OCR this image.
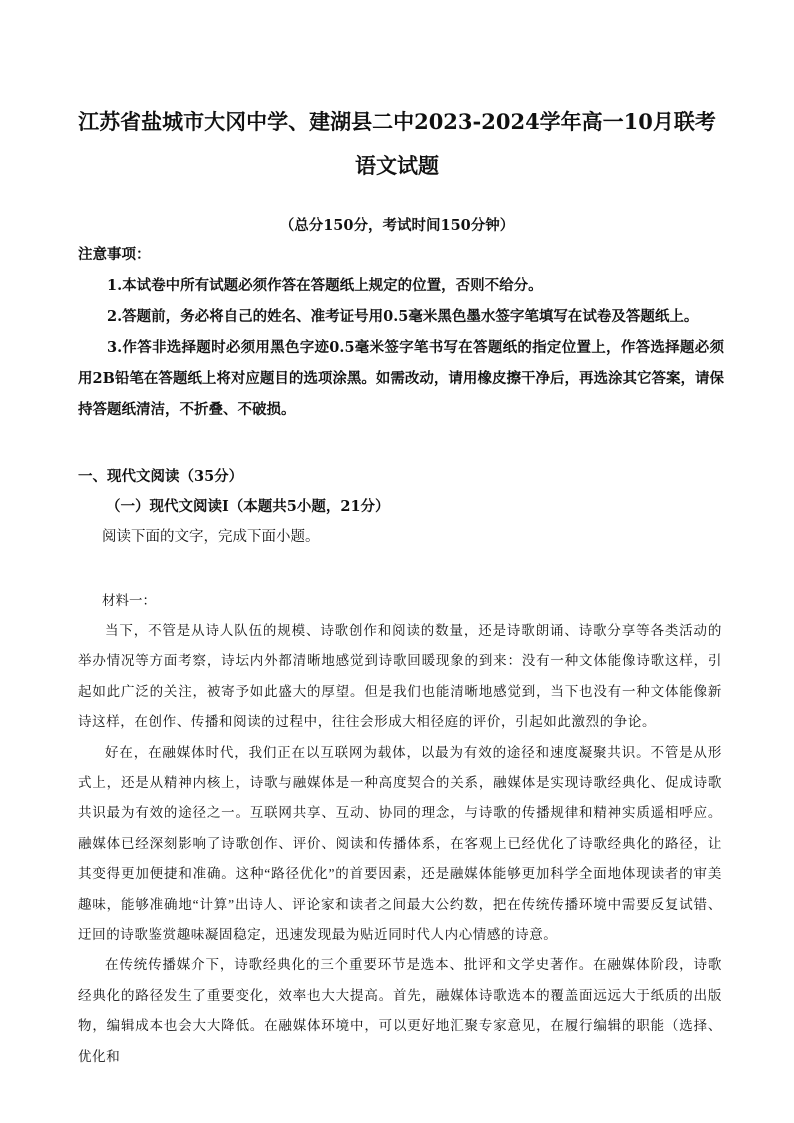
江苏省盐城市大冈中学、建湖县二中2023-2024学年高一10月联考
语文试题
（总分150分，考试时间150分钟）
注意事项：

1.本试卷中所有试题必须作答在答题纸上规定的位置，否则不给分。

2.答题前，务必将自己的姓名、准考证号用0.5毫米黑色墨水签字笔填写在试卷及答题纸上。

3.作答非选择题时必须用黑色字迹0.5毫米签字笔书写在答题纸的指定位置上，作答选择题必须用2B铅笔在答题纸上将对应题目的选项涂黑。如需改动，请用橡皮擦干净后，再选涂其它答案，请保持答题纸清洁，不折叠、不破损。

一、现代文阅读（35分）
（一）现代文阅读Ⅰ（本题共5小题，21分）
阅读下面的文字，完成下面小题。
材料一：

当下，不管是从诗人队伍的规模、诗歌创作和阅读的数量，还是诗歌朗诵、诗歌分享等各类活动的举办情况等方面考察，诗坛内外都清晰地感觉到诗歌回暖现象的到来：没有一种文体能像诗歌这样，引起如此广泛的关注，被寄予如此盛大的厚望。但是我们也能清晰地感觉到，当下也没有一种文体能像新诗这样，在创作、传播和阅读的过程中，往往会形成大相径庭的评价，引起如此激烈的争论。

好在，在融媒体时代，我们正在以互联网为载体，以最为有效的途径和速度凝聚共识。不管是从形式上，还是从精神内核上，诗歌与融媒体是一种高度契合的关系，融媒体是实现诗歌经典化、促成诗歌共识最为有效的途径之一。互联网共享、互动、协同的理念，与诗歌的传播规律和精神实质遥相呼应。融媒体已经深刻影响了诗歌创作、评价、阅读和传播体系，在客观上已经优化了诗歌经典化的路径，让其变得更加便捷和准确。这种“路径优化”的首要因素，还是融媒体能够更加科学全面地体现读者的审美趣味，能够准确地“计算”出诗人、评论家和读者之间最大公约数，把在传统传播环境中需要反复试错、迂回的诗歌鉴赏趣味凝固稳定，迅速发现最为贴近同时代人内心情感的诗意。

在传统传播媒介下，诗歌经典化的三个重要环节是选本、批评和文学史著作。在融媒体阶段，诗歌经典化的路径发生了重要变化，效率也大大提高。首先，融媒体诗歌选本的覆盖面远远大于纸质的出版物，编辑成本也会大大降低。在融媒体环境中，可以更好地汇聚专家意见，在履行编辑的职能（选择、优化和
